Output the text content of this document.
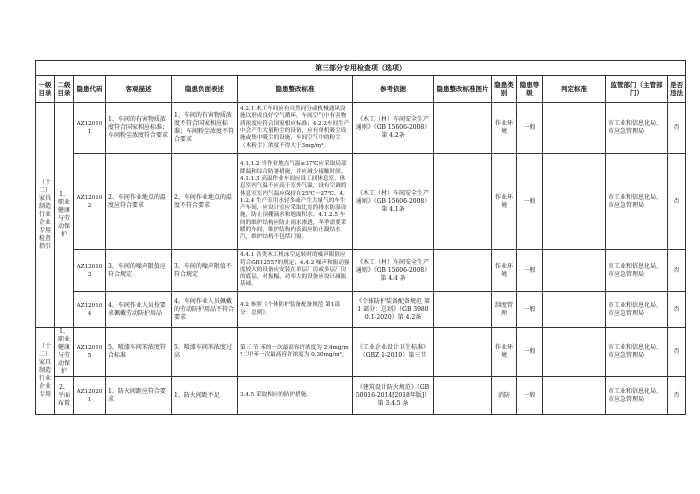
第三部分专用检查项（选项）												
一级目录	二级目录	隐患代码	客观描述	隐患负面表述	隐患整改标准	参考依据	隐患整改标准图片	隐患类别	隐患等级	判定标准	监管部门（主管部门）	是否违法
（十二）家具制造行业企业专用检查指引	1、职业健康与劳动保护	AZ120101	1、车间的有害物质浓度符合国家相应标准；车间粉尘浓度符合要求	1、车间的有害物质浓度不符合国家相应标准；车间粉尘浓度不符合要求	4.2.1 木工车间应有自然同分或机械通风设施以形成良好空气循环，车间空气中有害物质浓度应符合国家相应标准；4.2.2车间生产中会产生大量粉尘的设备，应有单机吸尘设施或集中吸尘的设施，车间空气中的粉尘（木粉尘）浓度不得大于3mg/m³。	《木工（材）车间安全生产通则》（GB 15606-2008）第 4.2条		作业环境	一般		市工业和信息化局、市应急管理局	否
		AZ120102	2、车间作业地点的温度应符合要求	2、车间作业地点的温度不符合要求	4.1.1.2 当作业地点气温≥37℃应采取局部降温和综合防暑措施，并应减少接触时间。4.1.1.3 高温作业车间应设工间休息室。休息室内气温不应高于室外气温，设有空调的休息室室内气温应保持在25℃～27℃。4.1.2.4 生产室用水轻多或产生大量气的车生产车间，应设计室应采取比室的排水防湿设施，防止顶棚滴水和地面积水。4.1.2.5 车间的维护结构应防止雨水渗透，冬季需要采暖的车间，维护结构内表面应防止凝结水汽，维护结构不包括门窗。	《木工（材）车间安全生产通则》（GB 15606-2008）第 4.1条		作业环境	一般		市工业和信息化局、市应急管理局	否
		AZ120103	3、车间的噪声限值应符合规定	3、车间的噪声限值不符合规定	4.4.1 各类木工机床空运转时的噪声限值应符合GB12557的规定；4.4.2 噪声和振动强度较大的设备应安装在单层厂房或多层厂房的底层，对振幅、功率大的设备应设计减振基础。	《木工（材）车间安全生产通则》（GB 15606-2008）第 4.4 条		作业环境	一般		市工业和信息化局、市应急管理局	否
		AZ120104	4、车间作业人员按要求佩戴劳动防护用品	4、车间作业人员佩戴的劳动防护用品不符合要求	4.2 参照《个体防护装备配备规范 第1部分：总则》。	《个体防护装备配备规范 第 1 部分：总则》（GB 39800.1-2020）第 4.2条		制度管理	一般		市工业和信息化局、市应急管理局	否
（十二）家具制造行业企业专用	1、职业健康与劳动保护	AZ120105	5、喷漆车间苯浓度符合标准	5、喷漆车间苯浓度过高	第三 节 苯的一次最高容许浓度为 2.4mg/m³二甲苯一次最高容许浓度为 0.30mg/m³。	《工业企业设计卫生标准》（GBZ 1-2010）第三节		作业环境	一般		市工业和信息化局、市应急管理局	否
	2、平面布置	AZ120201	1、防火间距应符合要求	1、防火间距不足	3.4.5 采取相应的防护措施。	《建筑设计防火规范》（GB 50016-2014[2018年版]）第 3.4.5 条		消防	一般		市工业和信息化局、市应急管理局	否
